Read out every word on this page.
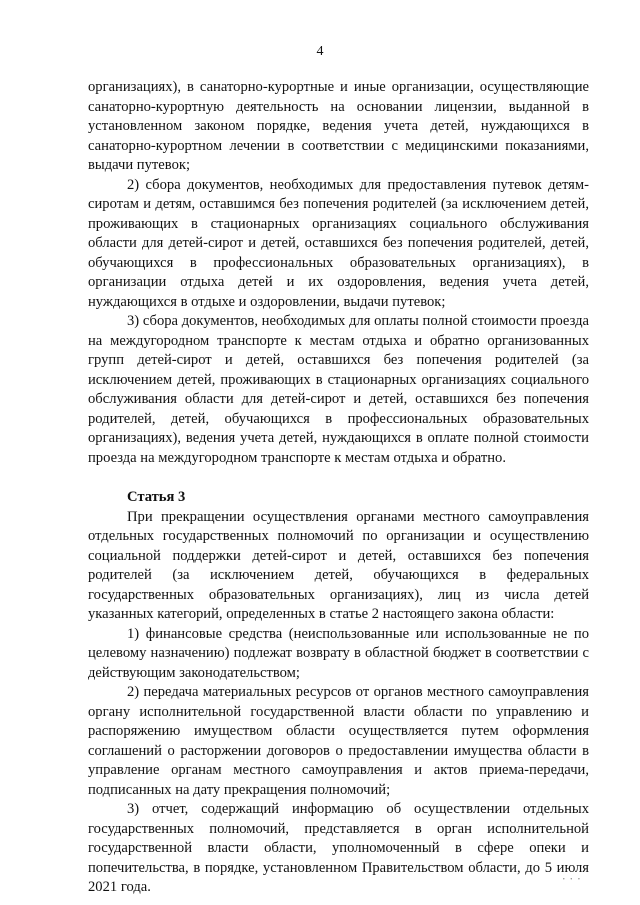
4

организациях), в санаторно-курортные и иные организации, осуществляющие санаторно-курортную деятельность на основании лицензии, выданной в установленном законом порядке, ведения учета детей, нуждающихся в санаторно-курортном лечении в соответствии с медицинскими показаниями, выдачи путевок;

2) сбора документов, необходимых для предоставления путевок детям-сиротам и детям, оставшимся без попечения родителей (за исключением детей, проживающих в стационарных организациях социального обслуживания области для детей-сирот и детей, оставшихся без попечения родителей, детей, обучающихся в профессиональных образовательных организациях), в организации отдыха детей и их оздоровления, ведения учета детей, нуждающихся в отдыхе и оздоровлении, выдачи путевок;

3) сбора документов, необходимых для оплаты полной стоимости проезда на междугородном транспорте к местам отдыха и обратно организованных групп детей-сирот и детей, оставшихся без попечения родителей (за исключением детей, проживающих в стационарных организациях социального обслуживания области для детей-сирот и детей, оставшихся без попечения родителей, детей, обучающихся в профессиональных образовательных организациях), ведения учета детей, нуждающихся в оплате полной стоимости проезда на междугородном транспорте к местам отдыха и обратно.

Статья 3

При прекращении осуществления органами местного самоуправления отдельных государственных полномочий по организации и осуществлению социальной поддержки детей-сирот и детей, оставшихся без попечения родителей (за исключением детей, обучающихся в федеральных государственных образовательных организациях), лиц из числа детей указанных категорий, определенных в статье 2 настоящего закона области:

1) финансовые средства (неиспользованные или использованные не по целевому назначению) подлежат возврату в областной бюджет в соответствии с действующим законодательством;

2) передача материальных ресурсов от органов местного самоуправления органу исполнительной государственной власти области по управлению и распоряжению имуществом области осуществляется путем оформления соглашений о расторжении договоров о предоставлении имущества области в управление органам местного самоуправления и актов приема-передачи, подписанных на дату прекращения полномочий;

3) отчет, содержащий информацию об осуществлении отдельных государственных полномочий, представляется в орган исполнительной государственной власти области, уполномоченный в сфере опеки и попечительства, в порядке, установленном Правительством области, до 5 июля 2021 года.	• • •
